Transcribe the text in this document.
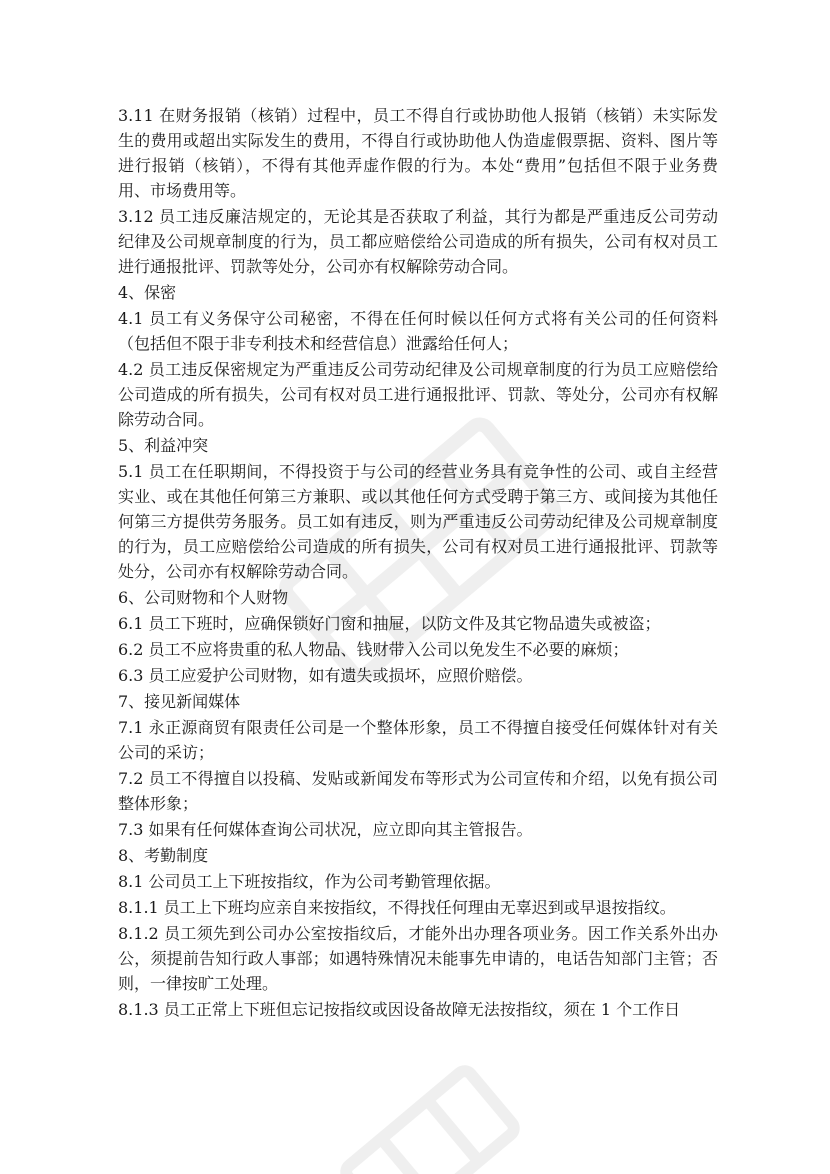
3.11 在财务报销（核销）过程中，员工不得自行或协助他人报销（核销）未实际发生的费用或超出实际发生的费用，不得自行或协助他人伪造虚假票据、资料、图片等进行报销（核销），不得有其他弄虚作假的行为。本处“费用”包括但不限于业务费用、市场费用等。

3.12 员工违反廉洁规定的，无论其是否获取了利益，其行为都是严重违反公司劳动纪律及公司规章制度的行为，员工都应赔偿给公司造成的所有损失，公司有权对员工进行通报批评、罚款等处分，公司亦有权解除劳动合同。

4、保密

4.1 员工有义务保守公司秘密，不得在任何时候以任何方式将有关公司的任何资料（包括但不限于非专利技术和经营信息）泄露给任何人；

4.2 员工违反保密规定为严重违反公司劳动纪律及公司规章制度的行为员工应赔偿给公司造成的所有损失，公司有权对员工进行通报批评、罚款、等处分，公司亦有权解除劳动合同。

5、利益冲突

5.1 员工在任职期间，不得投资于与公司的经营业务具有竞争性的公司、或自主经营实业、或在其他任何第三方兼职、或以其他任何方式受聘于第三方、或间接为其他任何第三方提供劳务服务。员工如有违反，则为严重违反公司劳动纪律及公司规章制度的行为，员工应赔偿给公司造成的所有损失，公司有权对员工进行通报批评、罚款等处分，公司亦有权解除劳动合同。

6、公司财物和个人财物

6.1 员工下班时，应确保锁好门窗和抽屉，以防文件及其它物品遗失或被盗；

6.2 员工不应将贵重的私人物品、钱财带入公司以免发生不必要的麻烦；

6.3 员工应爱护公司财物，如有遗失或损坏，应照价赔偿。

7、接见新闻媒体

7.1 永正源商贸有限责任公司是一个整体形象，员工不得擅自接受任何媒体针对有关公司的采访；

7.2 员工不得擅自以投稿、发贴或新闻发布等形式为公司宣传和介绍，以免有损公司整体形象；

7.3 如果有任何媒体查询公司状况，应立即向其主管报告。

8、考勤制度

8.1 公司员工上下班按指纹，作为公司考勤管理依据。

8.1.1 员工上下班均应亲自来按指纹，不得找任何理由无辜迟到或早退按指纹。

8.1.2 员工须先到公司办公室按指纹后，才能外出办理各项业务。因工作关系外出办公，须提前告知行政人事部；如遇特殊情况未能事先申请的，电话告知部门主管；否则，一律按旷工处理。

8.1.3 员工正常上下班但忘记按指纹或因设备故障无法按指纹，须在 1 个工作日
